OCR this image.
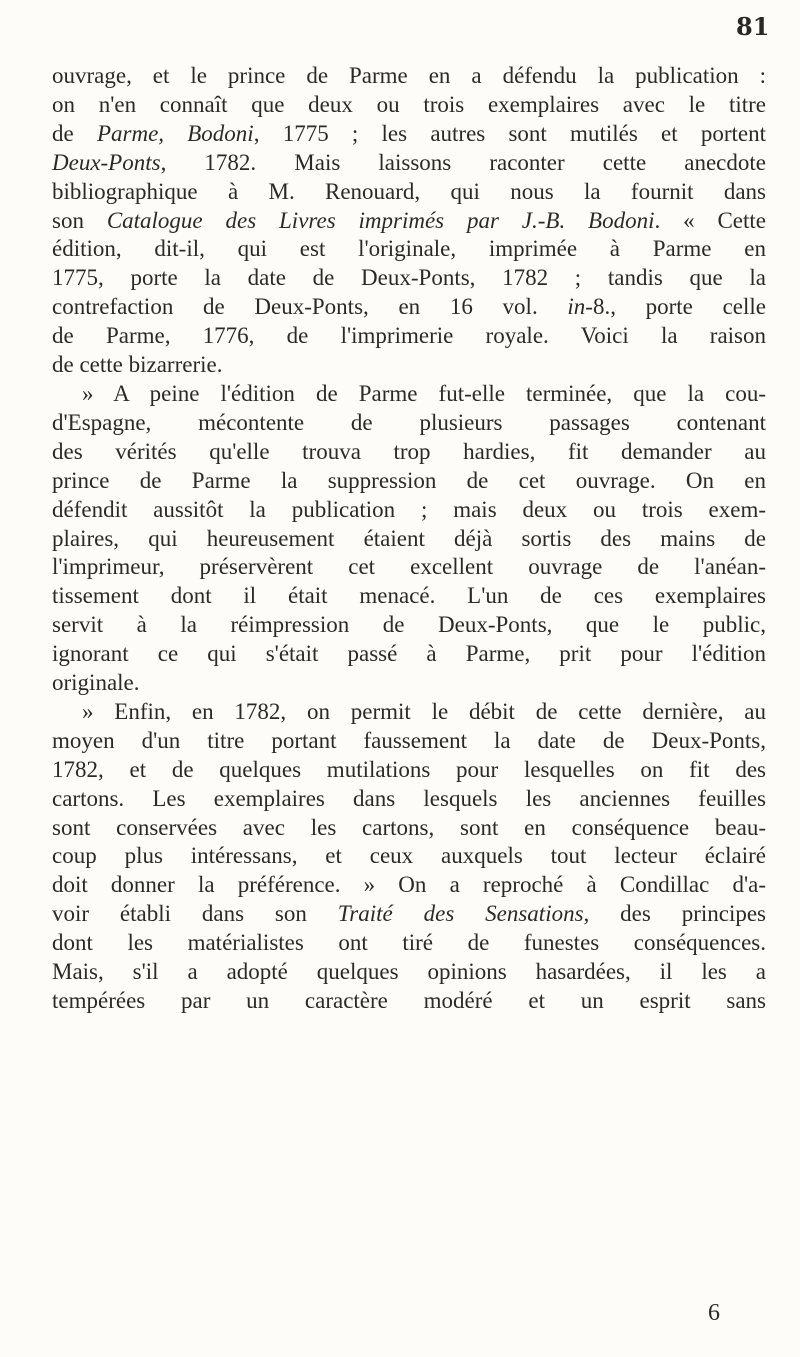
81
ouvrage, et le prince de Parme en a défendu la publication :
on n'en connaît que deux ou trois exemplaires avec le titre
de Parme, Bodoni, 1775 ; les autres sont mutilés et portent
Deux-Ponts, 1782. Mais laissons raconter cette anecdote
bibliographique à M. Renouard, qui nous la fournit dans
son Catalogue des Livres imprimés par J.-B. Bodoni. « Cette
édition, dit-il, qui est l'originale, imprimée à Parme en
1775, porte la date de Deux-Ponts, 1782 ; tandis que la
contrefaction de Deux-Ponts, en 16 vol. in-8., porte celle
de Parme, 1776, de l'imprimerie royale. Voici la raison
de cette bizarrerie.
» A peine l'édition de Parme fut-elle terminée, que la cou-
d'Espagne, mécontente de plusieurs passages contenant
des vérités qu'elle trouva trop hardies, fit demander au
prince de Parme la suppression de cet ouvrage. On en
défendit aussitôt la publication ; mais deux ou trois exem-
plaires, qui heureusement étaient déjà sortis des mains de
l'imprimeur, préservèrent cet excellent ouvrage de l'anéan-
tissement dont il était menacé. L'un de ces exemplaires
servit à la réimpression de Deux-Ponts, que le public,
ignorant ce qui s'était passé à Parme, prit pour l'édition
originale.
» Enfin, en 1782, on permit le débit de cette dernière, au
moyen d'un titre portant faussement la date de Deux-Ponts,
1782, et de quelques mutilations pour lesquelles on fit des
cartons. Les exemplaires dans lesquels les anciennes feuilles
sont conservées avec les cartons, sont en conséquence beau-
coup plus intéressans, et ceux auxquels tout lecteur éclairé
doit donner la préférence. » On a reproché à Condillac d'a-
voir établi dans son Traité des Sensations, des principes
dont les matérialistes ont tiré de funestes conséquences.
Mais, s'il a adopté quelques opinions hasardées, il les a
tempérées par un caractère modéré et un esprit sans
6
